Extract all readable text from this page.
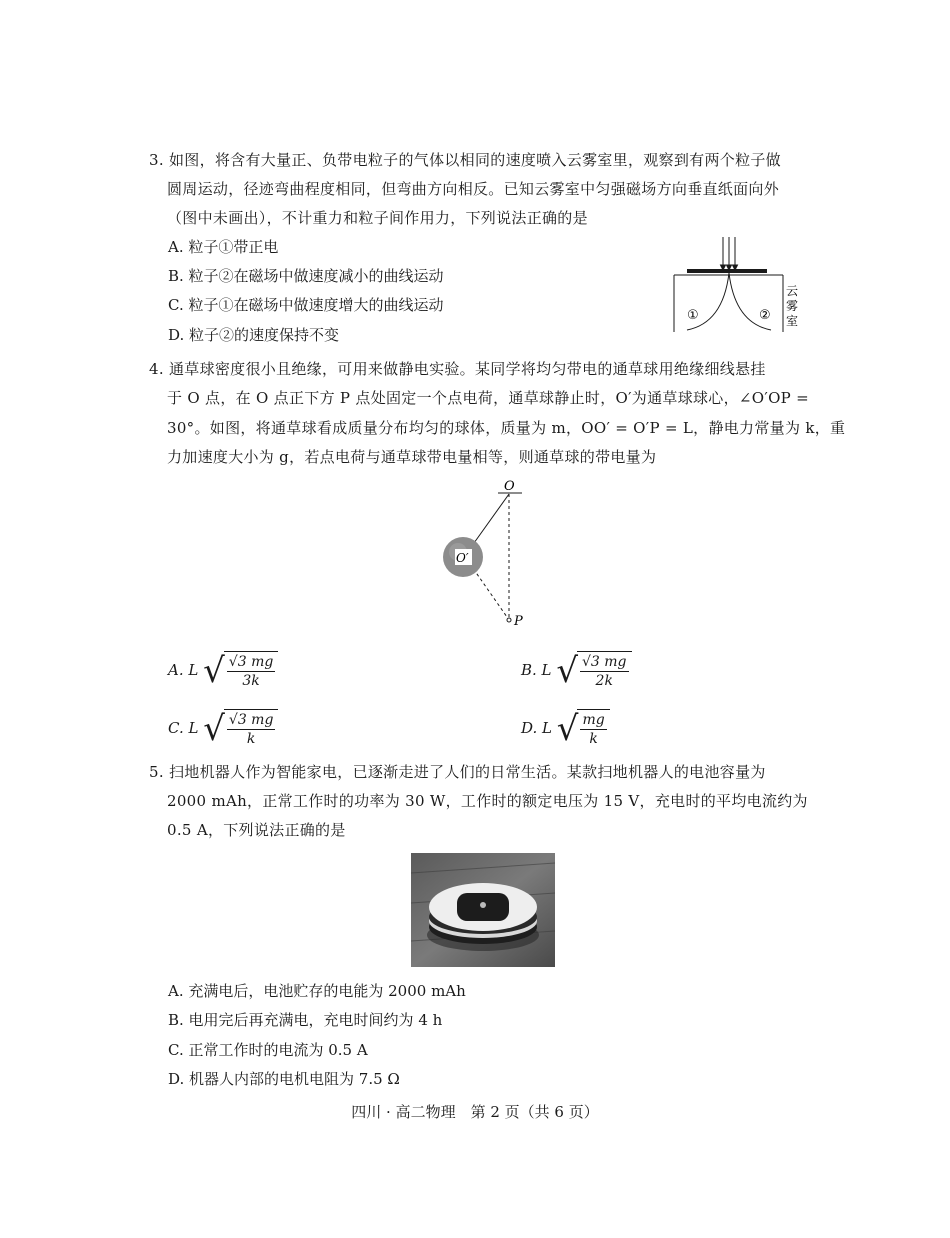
3. 如图，将含有大量正、负带电粒子的气体以相同的速度喷入云雾室里，观察到有两个粒子做
圆周运动，径迹弯曲程度相同，但弯曲方向相反。已知云雾室中匀强磁场方向垂直纸面向外
（图中未画出），不计重力和粒子间作用力，下列说法正确的是
A. 粒子①带正电
B. 粒子②在磁场中做速度减小的曲线运动
C. 粒子①在磁场中做速度增大的曲线运动
D. 粒子②的速度保持不变
①	②
云
雾
室
4. 通草球密度很小且绝缘，可用来做静电实验。某同学将均匀带电的通草球用绝缘细线悬挂
于 O 点，在 O 点正下方 P 点处固定一个点电荷，通草球静止时，O′为通草球球心，∠O′OP =
30°。如图，将通草球看成质量分布均匀的球体，质量为 m，OO′ = O′P = L，静电力常量为 k，重
力加速度大小为 g，若点电荷与通草球带电量相等，则通草球的带电量为
O
O′
P
A. L √ $\frac{√3 mg}{3k}$	B. L √ $\frac{√3 mg}{2k}$
C. L √ $\frac{√3 mg}{k}$	D. L √ $\frac{mg}{k}$
5. 扫地机器人作为智能家电，已逐渐走进了人们的日常生活。某款扫地机器人的电池容量为
2000 mAh，正常工作时的功率为 30 W，工作时的额定电压为 15 V，充电时的平均电流约为
0.5 A，下列说法正确的是
A. 充满电后，电池贮存的电能为 2000 mAh
B. 电用完后再充满电，充电时间约为 4 h
C. 正常工作时的电流为 0.5 A
D. 机器人内部的电机电阻为 7.5 Ω
四川 · 高二物理　第 2 页（共 6 页）
